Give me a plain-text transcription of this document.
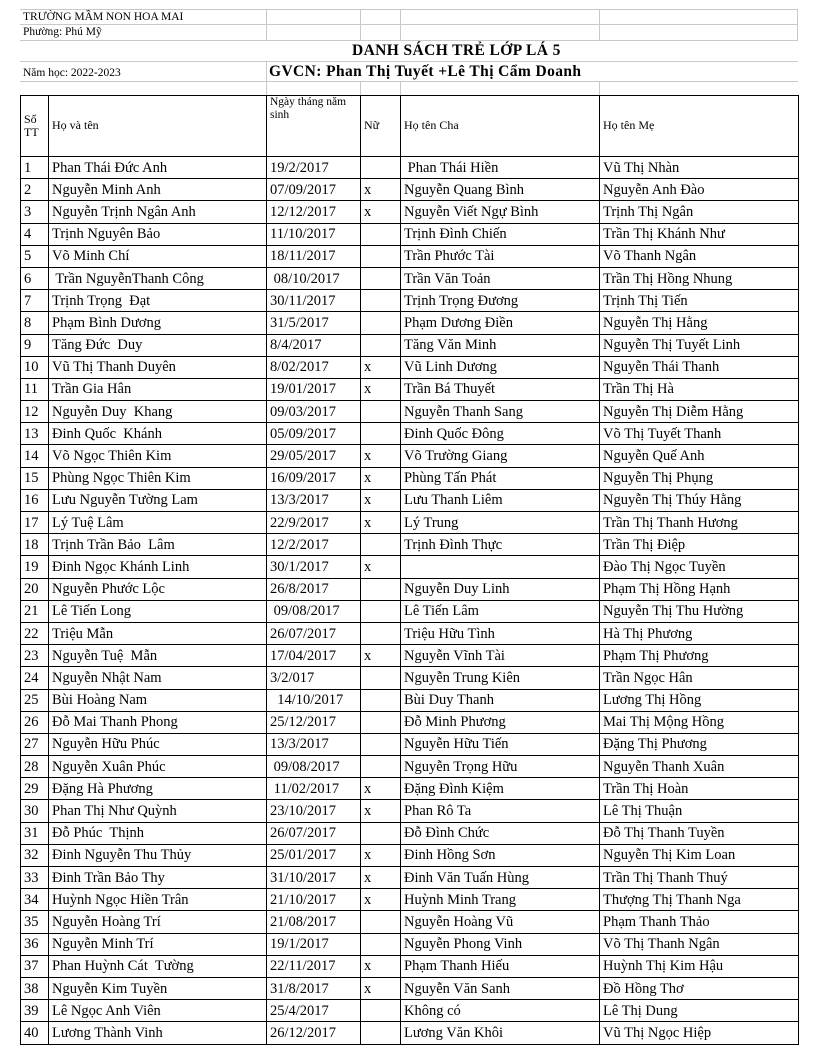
TRƯỜNG MẦM NON HOA MAI
Phường: Phú Mỹ
DANH SÁCH TRẺ LỚP LÁ 5
Năm học: 2022-2023	GVCN: Phan Thị Tuyết +Lê Thị Cẩm Doanh
Số TT	Họ và tên	Ngày tháng năm sinh	Nữ	Họ tên Cha	Họ tên Mẹ
1	Phan Thái Đức Anh	19/2/2017		Phan Thái Hiền	Vũ Thị Nhàn
2	Nguyễn Minh Anh	07/09/2017	x	Nguyễn Quang Bình	Nguyễn Anh Đào
3	Nguyễn Trịnh Ngân Anh	12/12/2017	x	Nguyễn Viết Ngự Bình	Trịnh Thị Ngân
4	Trịnh Nguyên Bảo	11/10/2017		Trịnh Đình Chiến	Trần Thị Khánh Như
5	Võ Minh Chí	18/11/2017		Trần Phước Tài	Võ Thanh Ngân
6	Trần NguyễnThanh Công	08/10/2017		Trần Văn Toản	Trần Thị Hồng Nhung
7	Trịnh Trọng  Đạt	30/11/2017		Trịnh Trọng Đương	Trịnh Thị Tiến
8	Phạm Bình Dương	31/5/2017		Phạm Dương Điền	Nguyễn Thị Hằng
9	Tăng Đức  Duy	8/4/2017		Tăng Văn Minh	Nguyễn Thị Tuyết Linh
10	Vũ Thị Thanh Duyên	8/02/2017	x	Vũ Linh Dương	Nguyễn Thái Thanh
11	Trần Gia Hân	19/01/2017	x	Trần Bá Thuyết	Trần Thị Hà
12	Nguyễn Duy  Khang	09/03/2017		Nguyễn Thanh Sang	Nguyễn Thị Diễm Hằng
13	Đinh Quốc  Khánh	05/09/2017		Đinh Quốc Đông	Võ Thị Tuyết Thanh
14	Võ Ngọc Thiên Kim	29/05/2017	x	Võ Trường Giang	Nguyễn Quế Anh
15	Phùng Ngọc Thiên Kim	16/09/2017	x	Phùng Tấn Phát	Nguyễn Thị Phụng
16	Lưu Nguyễn Tường Lam	13/3/2017	x	Lưu Thanh Liêm	Nguyễn Thị Thúy Hằng
17	Lý Tuệ Lâm	22/9/2017	x	Lý Trung	Trần Thị Thanh Hương
18	Trịnh Trần Bảo  Lâm	12/2/2017		Trịnh Đình Thực	Trần Thị Điệp
19	Đinh Ngọc Khánh Linh	30/1/2017	x		Đào Thị Ngọc Tuyền
20	Nguyễn Phước Lộc	26/8/2017		Nguyễn Duy Linh	Phạm Thị Hồng Hạnh
21	Lê Tiến Long	09/08/2017		Lê Tiến Lâm	Nguyễn Thị Thu Hường
22	Triệu Mẫn	26/07/2017		Triệu Hữu Tình	Hà Thị Phương
23	Nguyễn Tuệ  Mẫn	17/04/2017	x	Nguyễn Vĩnh Tài	Phạm Thị Phương
24	Nguyễn Nhật Nam	3/2/017		Nguyễn Trung Kiên	Trần Ngọc Hân
25	Bùi Hoàng Nam	14/10/2017		Bùi Duy Thanh	Lương Thị Hồng
26	Đỗ Mai Thanh Phong	25/12/2017		Đỗ Minh Phương	Mai Thị Mộng Hồng
27	Nguyễn Hữu Phúc	13/3/2017		Nguyễn Hữu Tiến	Đặng Thị Phương
28	Nguyễn Xuân Phúc	09/08/2017		Nguyễn Trọng Hữu	Nguyễn Thanh Xuân
29	Đặng Hà Phương	11/02/2017	x	Đặng Đình Kiệm	Trần Thị Hoàn
30	Phan Thị Như Quỳnh	23/10/2017	x	Phan Rô Ta	Lê Thị Thuận
31	Đỗ Phúc  Thịnh	26/07/2017		Đỗ Đình Chức	Đỗ Thị Thanh Tuyền
32	Đinh Nguyễn Thu Thủy	25/01/2017	x	Đinh Hồng Sơn	Nguyễn Thị Kim Loan
33	Đinh Trần Bảo Thy	31/10/2017	x	Đinh Văn Tuấn Hùng	Trần Thị Thanh Thuý
34	Huỳnh Ngọc Hiền Trân	21/10/2017	x	Huỳnh Minh Trang	Thượng Thị Thanh Nga
35	Nguyễn Hoàng Trí	21/08/2017		Nguyễn Hoàng Vũ	Phạm Thanh Thảo
36	Nguyễn Minh Trí	19/1/2017		Nguyễn Phong Vinh	Võ Thị Thanh Ngân
37	Phan Huỳnh Cát  Tường	22/11/2017	x	Phạm Thanh Hiếu	Huỳnh Thị Kim Hậu
38	Nguyễn Kim Tuyền	31/8/2017	x	Nguyễn Văn Sanh	Đồ Hồng Thơ
39	Lê Ngọc Anh Viên	25/4/2017		Không có	Lê Thị Dung
40	Lương Thành Vinh	26/12/2017		Lương Văn Khôi	Vũ Thị Ngọc Hiệp
